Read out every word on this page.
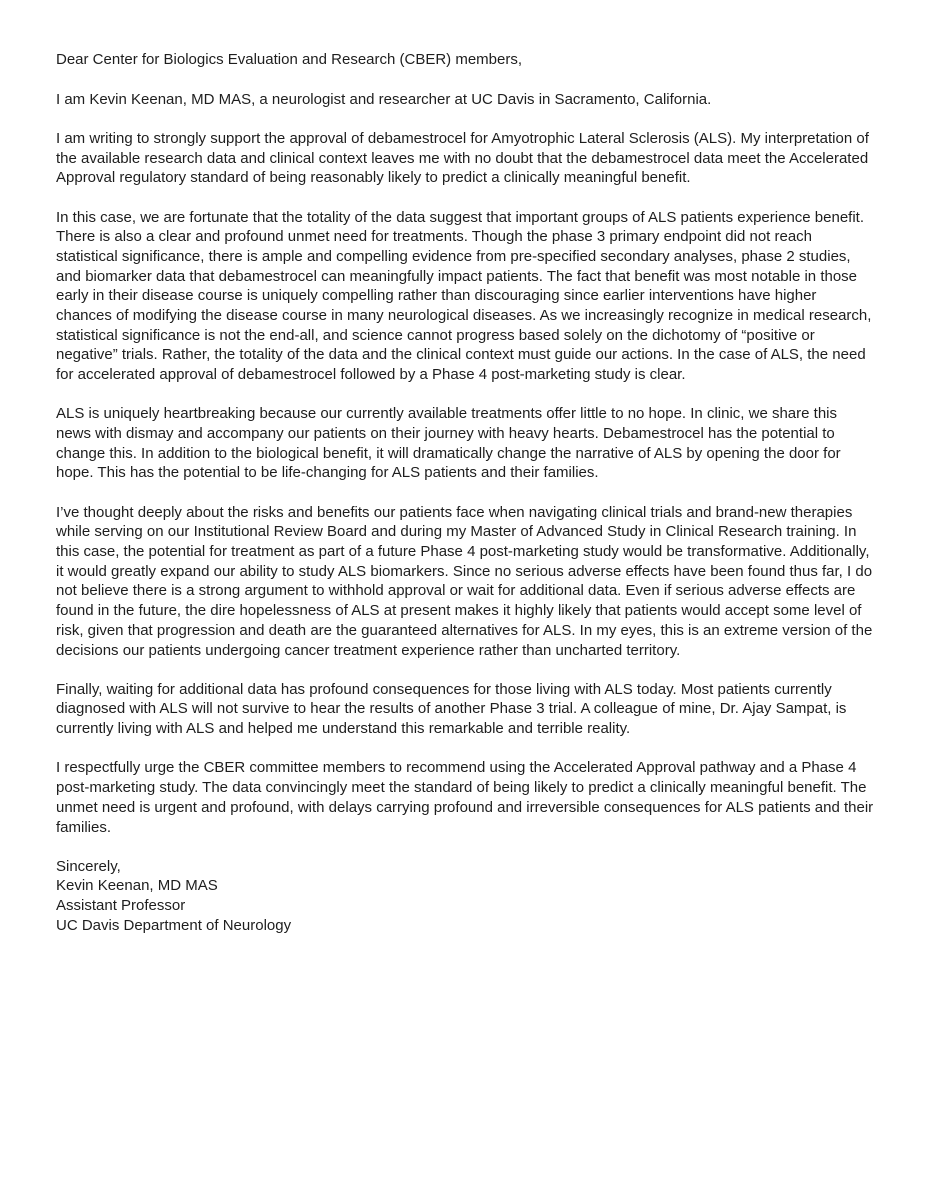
Dear Center for Biologics Evaluation and Research (CBER) members,

I am Kevin Keenan, MD MAS, a neurologist and researcher at UC Davis in Sacramento, California.

I am writing to strongly support the approval of debamestrocel for Amyotrophic Lateral Sclerosis (ALS). My interpretation of the available research data and clinical context leaves me with no doubt that the debamestrocel data meet the Accelerated Approval regulatory standard of being reasonably likely to predict a clinically meaningful benefit.

In this case, we are fortunate that the totality of the data suggest that important groups of ALS patients experience benefit. There is also a clear and profound unmet need for treatments. Though the phase 3 primary endpoint did not reach statistical significance, there is ample and compelling evidence from pre-specified secondary analyses, phase 2 studies, and biomarker data that debamestrocel can meaningfully impact patients. The fact that benefit was most notable in those early in their disease course is uniquely compelling rather than discouraging since earlier interventions have higher chances of modifying the disease course in many neurological diseases. As we increasingly recognize in medical research, statistical significance is not the end-all, and science cannot progress based solely on the dichotomy of “positive or negative” trials. Rather, the totality of the data and the clinical context must guide our actions. In the case of ALS, the need for accelerated approval of debamestrocel followed by a Phase 4 post-marketing study is clear.

ALS is uniquely heartbreaking because our currently available treatments offer little to no hope. In clinic, we share this news with dismay and accompany our patients on their journey with heavy hearts. Debamestrocel has the potential to change this. In addition to the biological benefit, it will dramatically change the narrative of ALS by opening the door for hope. This has the potential to be life-changing for ALS patients and their families.

I’ve thought deeply about the risks and benefits our patients face when navigating clinical trials and brand-new therapies while serving on our Institutional Review Board and during my Master of Advanced Study in Clinical Research training. In this case, the potential for treatment as part of a future Phase 4 post-marketing study would be transformative. Additionally, it would greatly expand our ability to study ALS biomarkers. Since no serious adverse effects have been found thus far, I do not believe there is a strong argument to withhold approval or wait for additional data. Even if serious adverse effects are found in the future, the dire hopelessness of ALS at present makes it highly likely that patients would accept some level of risk, given that progression and death are the guaranteed alternatives for ALS. In my eyes, this is an extreme version of the decisions our patients undergoing cancer treatment experience rather than uncharted territory.

Finally, waiting for additional data has profound consequences for those living with ALS today. Most patients currently diagnosed with ALS will not survive to hear the results of another Phase 3 trial. A colleague of mine, Dr. Ajay Sampat, is currently living with ALS and helped me understand this remarkable and terrible reality.

I respectfully urge the CBER committee members to recommend using the Accelerated Approval pathway and a Phase 4 post-marketing study. The data convincingly meet the standard of being likely to predict a clinically meaningful benefit. The unmet need is urgent and profound, with delays carrying profound and irreversible consequences for ALS patients and their families.

Sincerely,
Kevin Keenan, MD MAS
Assistant Professor
UC Davis Department of Neurology
